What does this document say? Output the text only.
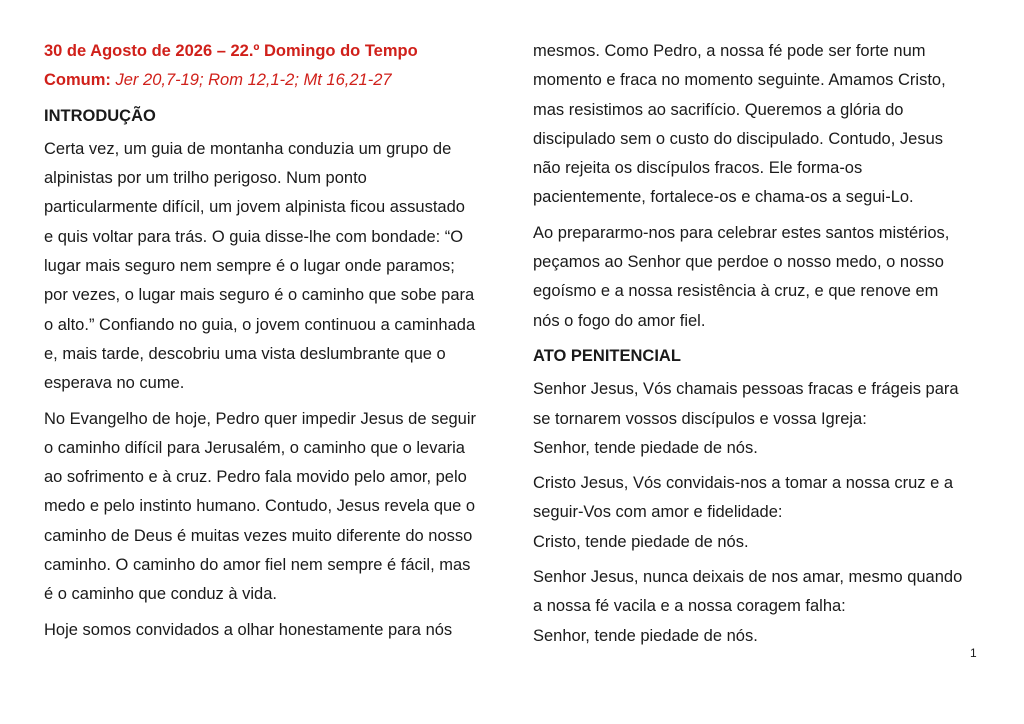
30 de Agosto de 2026 – 22.º Domingo do Tempo
Comum: Jer 20,7-19; Rom 12,1-2; Mt 16,21-27

INTRODUÇÃO

Certa vez, um guia de montanha conduzia um grupo de
alpinistas por um trilho perigoso. Num ponto
particularmente difícil, um jovem alpinista ficou assustado
e quis voltar para trás. O guia disse-lhe com bondade: “O
lugar mais seguro nem sempre é o lugar onde paramos;
por vezes, o lugar mais seguro é o caminho que sobe para
o alto.” Confiando no guia, o jovem continuou a caminhada
e, mais tarde, descobriu uma vista deslumbrante que o
esperava no cume.

No Evangelho de hoje, Pedro quer impedir Jesus de seguir
o caminho difícil para Jerusalém, o caminho que o levaria
ao sofrimento e à cruz. Pedro fala movido pelo amor, pelo
medo e pelo instinto humano. Contudo, Jesus revela que o
caminho de Deus é muitas vezes muito diferente do nosso
caminho. O caminho do amor fiel nem sempre é fácil, mas
é o caminho que conduz à vida.

Hoje somos convidados a olhar honestamente para nós

mesmos. Como Pedro, a nossa fé pode ser forte num
momento e fraca no momento seguinte. Amamos Cristo,
mas resistimos ao sacrifício. Queremos a glória do
discipulado sem o custo do discipulado. Contudo, Jesus
não rejeita os discípulos fracos. Ele forma-os
pacientemente, fortalece-os e chama-os a segui-Lo.

Ao prepararmo-nos para celebrar estes santos mistérios,
peçamos ao Senhor que perdoe o nosso medo, o nosso
egoísmo e a nossa resistência à cruz, e que renove em
nós o fogo do amor fiel.

ATO PENITENCIAL

Senhor Jesus, Vós chamais pessoas fracas e frágeis para
se tornarem vossos discípulos e vossa Igreja:
Senhor, tende piedade de nós.

Cristo Jesus, Vós convidais-nos a tomar a nossa cruz e a
seguir-Vos com amor e fidelidade:
Cristo, tende piedade de nós.

Senhor Jesus, nunca deixais de nos amar, mesmo quando
a nossa fé vacila e a nossa coragem falha:
Senhor, tende piedade de nós.

1
